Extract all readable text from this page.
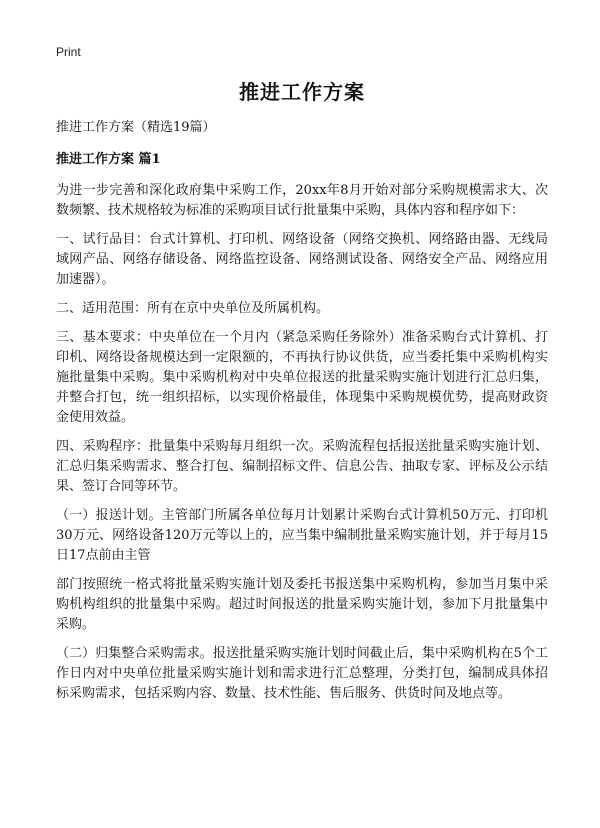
Print

推进工作方案

推进工作方案（精选19篇）

推进工作方案 篇1

为进一步完善和深化政府集中采购工作，20xx年8月开始对部分采购规模需求大、次数频繁、技术规格较为标准的采购项目试行批量集中采购，具体内容和程序如下：

一、试行品目：台式计算机、打印机、网络设备（网络交换机、网络路由器、无线局域网产品、网络存储设备、网络监控设备、网络测试设备、网络安全产品、网络应用加速器）。

二、适用范围：所有在京中央单位及所属机构。

三、基本要求：中央单位在一个月内（紧急采购任务除外）准备采购台式计算机、打印机、网络设备规模达到一定限额的，不再执行协议供货，应当委托集中采购机构实施批量集中采购。集中采购机构对中央单位报送的批量采购实施计划进行汇总归集，并整合打包，统一组织招标，以实现价格最佳，体现集中采购规模优势，提高财政资金使用效益。

四、采购程序：批量集中采购每月组织一次。采购流程包括报送批量采购实施计划、汇总归集采购需求、整合打包、编制招标文件、信息公告、抽取专家、评标及公示结果、签订合同等环节。

（一）报送计划。主管部门所属各单位每月计划累计采购台式计算机50万元、打印机30万元、网络设备120万元等以上的，应当集中编制批量采购实施计划，并于每月15日17点前由主管

部门按照统一格式将批量采购实施计划及委托书报送集中采购机构，参加当月集中采购机构组织的批量集中采购。超过时间报送的批量采购实施计划，参加下月批量集中采购。

（二）归集整合采购需求。报送批量采购实施计划时间截止后，集中采购机构在5个工作日内对中央单位批量采购实施计划和需求进行汇总整理，分类打包，编制成具体招标采购需求，包括采购内容、数量、技术性能、售后服务、供货时间及地点等。
